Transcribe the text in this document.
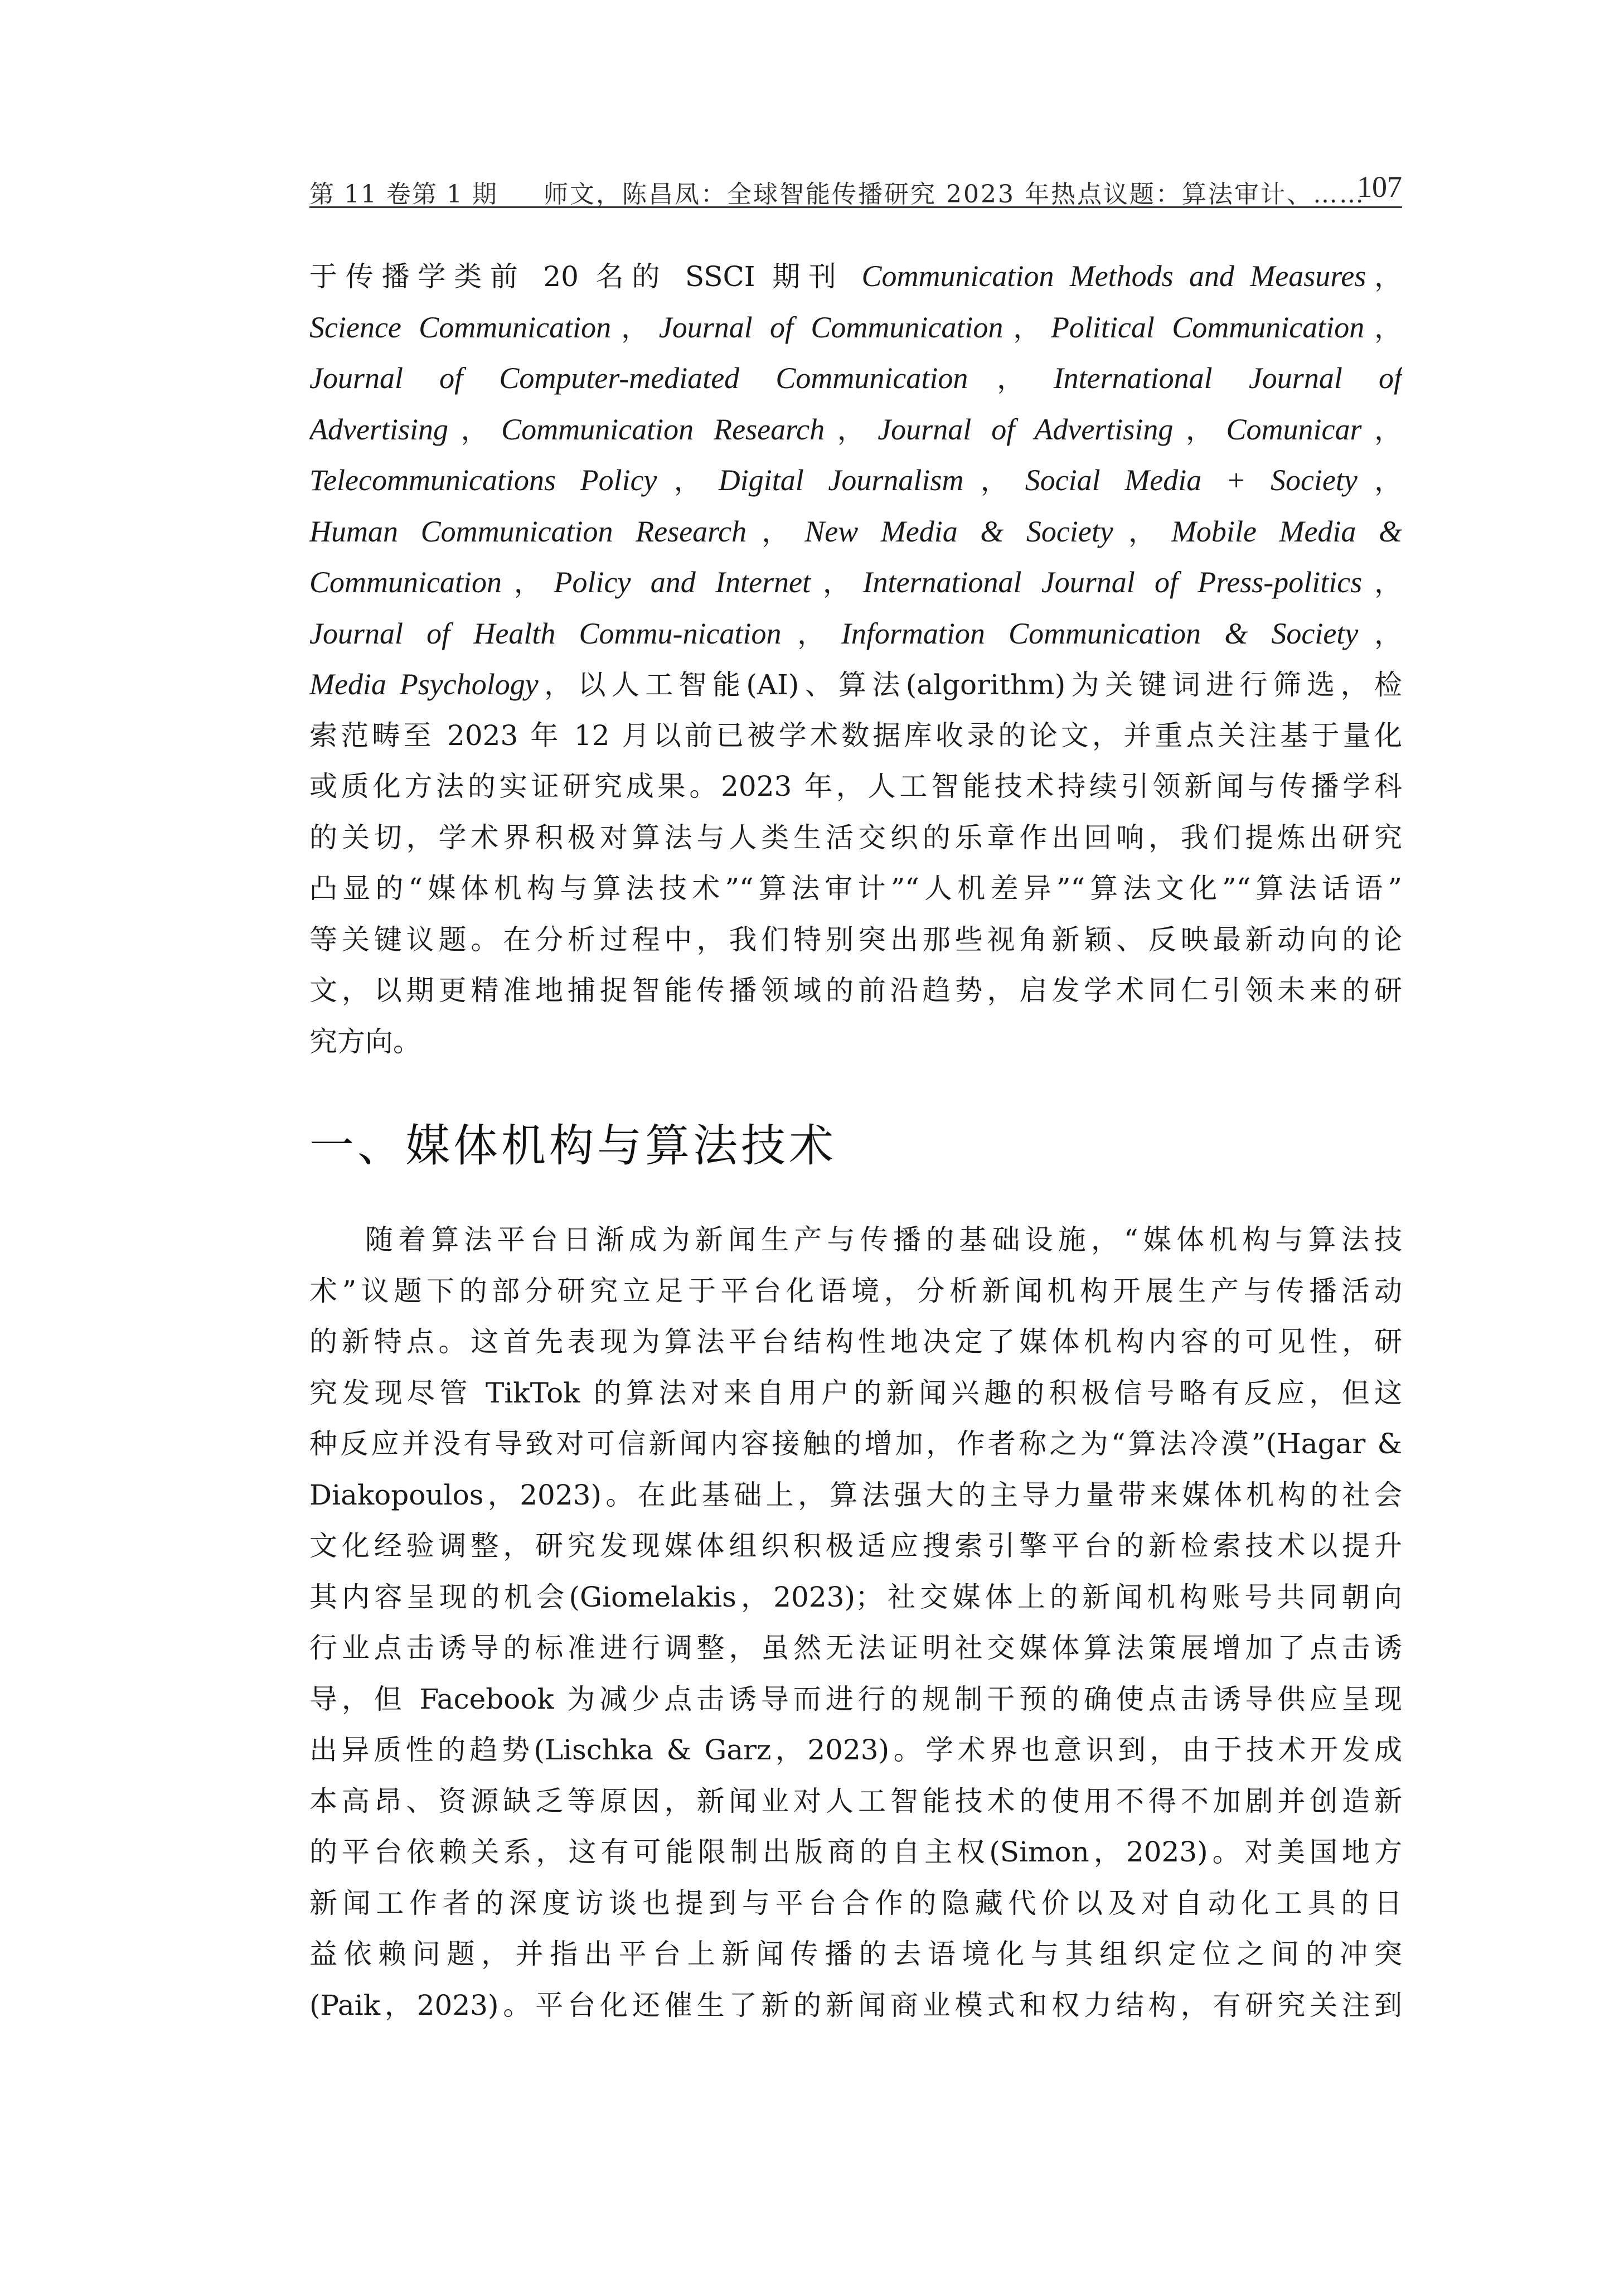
第 11 卷第 1 期 师文，陈昌凤：全球智能传播研究 2023 年热点议题：算法审计、……
107
于传播学类前 20 名的 SSCI 期刊 Communication Methods and Measures，
Science Communication，Journal of Communication，Political Communication，
Journal of Computer-mediated Communication，International Journal of
Advertising，Communication Research，Journal of Advertising，Comunicar，
Telecommunications Policy，Digital Journalism，Social Media + Society，
Human Communication Research，New Media & Society，Mobile Media &
Communication，Policy and Internet，International Journal of Press-politics，
Journal of Health Commu-nication，Information Communication & Society，
Media Psychology，以人工智能(AI)、算法(algorithm)为关键词进行筛选，检
索范畴至 2023 年 12 月以前已被学术数据库收录的论文，并重点关注基于量化
或质化方法的实证研究成果。2023 年，人工智能技术持续引领新闻与传播学科
的关切，学术界积极对算法与人类生活交织的乐章作出回响，我们提炼出研究
凸显的“媒体机构与算法技术”“算法审计”“人机差异”“算法文化”“算法话语”
等关键议题。在分析过程中，我们特别突出那些视角新颖、反映最新动向的论
文，以期更精准地捕捉智能传播领域的前沿趋势，启发学术同仁引领未来的研
究方向。
一、媒体机构与算法技术
随着算法平台日渐成为新闻生产与传播的基础设施，“媒体机构与算法技
术”议题下的部分研究立足于平台化语境，分析新闻机构开展生产与传播活动
的新特点。这首先表现为算法平台结构性地决定了媒体机构内容的可见性，研
究发现尽管 TikTok 的算法对来自用户的新闻兴趣的积极信号略有反应，但这
种反应并没有导致对可信新闻内容接触的增加，作者称之为“算法冷漠”(Hagar &
Diakopoulos，2023)。在此基础上，算法强大的主导力量带来媒体机构的社会
文化经验调整，研究发现媒体组织积极适应搜索引擎平台的新检索技术以提升
其内容呈现的机会(Giomelakis，2023)；社交媒体上的新闻机构账号共同朝向
行业点击诱导的标准进行调整，虽然无法证明社交媒体算法策展增加了点击诱
导，但 Facebook 为减少点击诱导而进行的规制干预的确使点击诱导供应呈现
出异质性的趋势(Lischka & Garz，2023)。学术界也意识到，由于技术开发成
本高昂、资源缺乏等原因，新闻业对人工智能技术的使用不得不加剧并创造新
的平台依赖关系，这有可能限制出版商的自主权(Simon，2023)。对美国地方
新闻工作者的深度访谈也提到与平台合作的隐藏代价以及对自动化工具的日
益依赖问题，并指出平台上新闻传播的去语境化与其组织定位之间的冲突
(Paik，2023)。平台化还催生了新的新闻商业模式和权力结构，有研究关注到
